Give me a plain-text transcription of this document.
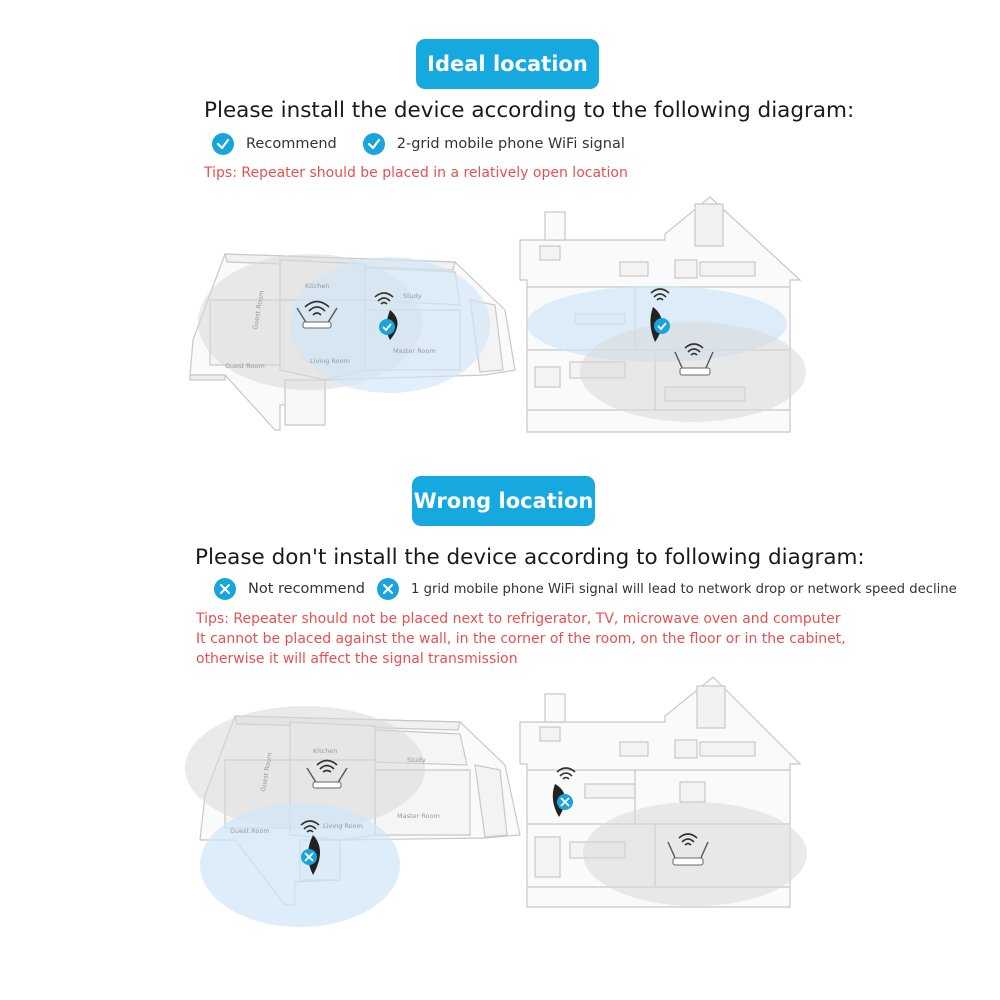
Ideal location
Please install the device according to the following diagram:
Recommend	2-grid mobile phone WiFi signal
Tips: Repeater should be placed in a relatively open location
Kitchen
Study
Guest Room
Guest Room
Living Room
Master Room
Wrong location
Please don't install the device according to following diagram:
Not recommend	1 grid mobile phone WiFi signal will lead to network drop or network speed decline
Tips: Repeater should not be placed next to refrigerator, TV, microwave oven and computer
It cannot be placed against the wall, in the corner of the room, on the floor or in the cabinet,
otherwise it will affect the signal transmission
Kitchen
Study
Guest Room
Guest Room
Living Room
Master Room
